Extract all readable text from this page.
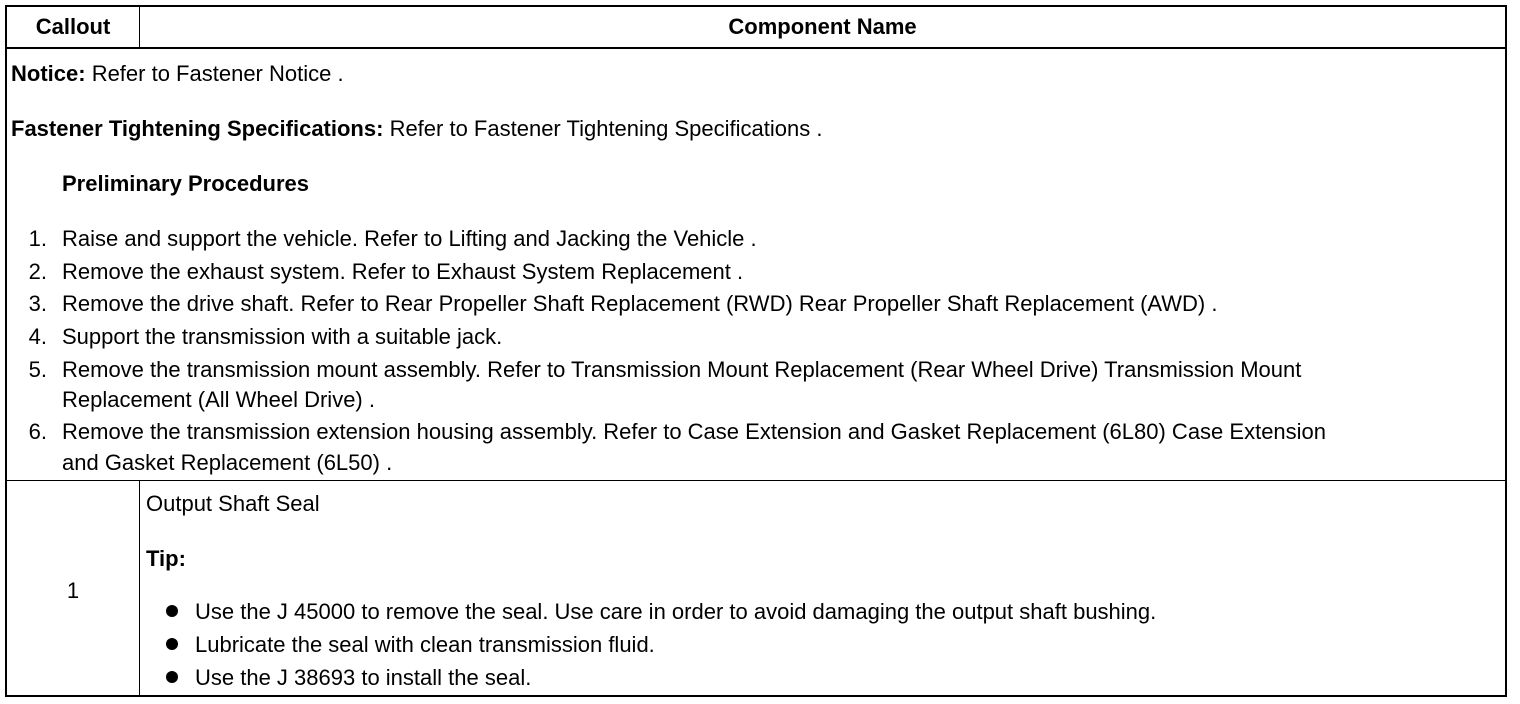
Callout	Component Name
Notice: Refer to Fastener Notice .
Fastener Tightening Specifications: Refer to Fastener Tightening Specifications .
Preliminary Procedures
1. Raise and support the vehicle. Refer to Lifting and Jacking the Vehicle .
2. Remove the exhaust system. Refer to Exhaust System Replacement .
3. Remove the drive shaft. Refer to Rear Propeller Shaft Replacement (RWD) Rear Propeller Shaft Replacement (AWD) .
4. Support the transmission with a suitable jack.
5. Remove the transmission mount assembly. Refer to Transmission Mount Replacement (Rear Wheel Drive) Transmission Mount
Replacement (All Wheel Drive) .
6. Remove the transmission extension housing assembly. Refer to Case Extension and Gasket Replacement (6L80) Case Extension
and Gasket Replacement (6L50) .
1
Output Shaft Seal
Tip:
Use the J 45000 to remove the seal. Use care in order to avoid damaging the output shaft bushing.
Lubricate the seal with clean transmission fluid.
Use the J 38693 to install the seal.
